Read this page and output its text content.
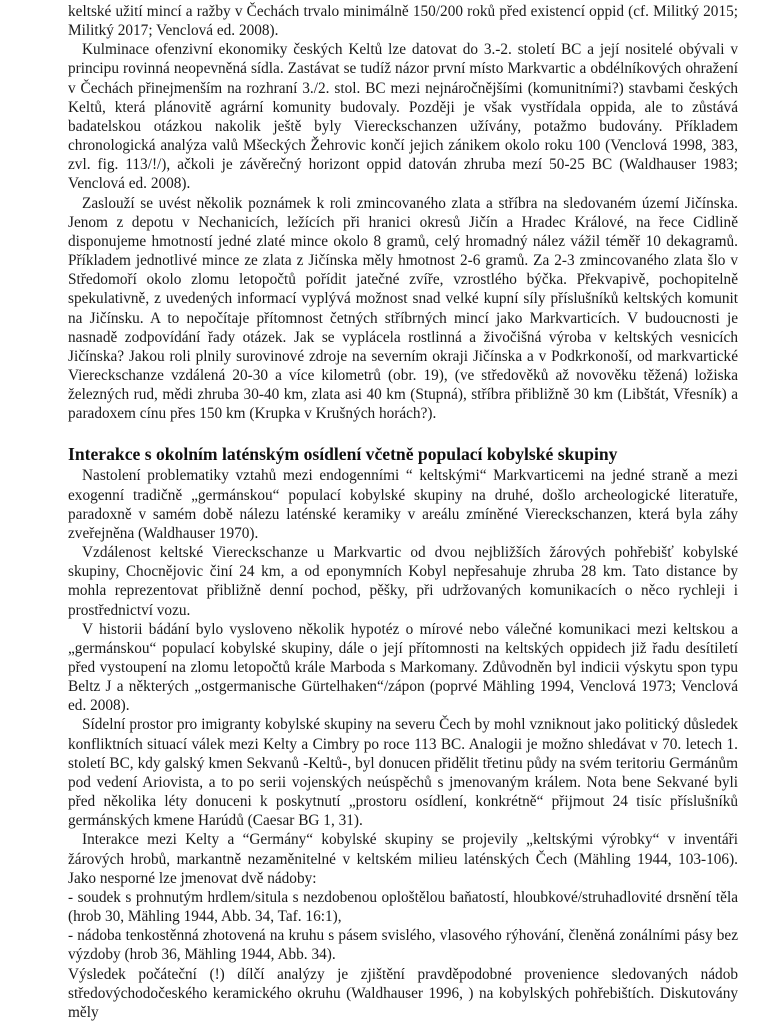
keltské užití mincí a ražby v Čechách trvalo minimálně 150/200 roků před existencí oppid (cf. Militký 2015; Militký 2017; Venclová ed. 2008).

Kulminace ofenzivní ekonomiky českých Keltů lze datovat do 3.-2. století BC a její nositelé obývali v principu rovinná neopevněná sídla. Zastávat se tudíž názor první místo Markvartic a obdélníkových ohražení v Čechách přinejmenším na rozhraní 3./2. stol. BC mezi nejnáročnějšími (komunitními?) stavbami českých Keltů, která plánovitě agrární komunity budovaly. Později je však vystřídala oppida, ale to zůstává badatelskou otázkou nakolik ještě byly Viereckschanzen užívány, potažmo budovány. Příkladem chronologická analýza valů Mšeckých Žehrovic končí jejich zánikem okolo roku 100 (Venclová 1998, 383, zvl. fig. 113/!/), ačkoli je závěrečný horizont oppid datován zhruba mezí 50-25 BC (Waldhauser 1983; Venclová ed. 2008).

Zaslouží se uvést několik poznámek k roli zmincovaného zlata a stříbra na sledovaném území Jičínska. Jenom z depotu v Nechanicích, ležících při hranici okresů Jičín a Hradec Králové, na řece Cidlině disponujeme hmotností jedné zlaté mince okolo 8 gramů, celý hromadný nález vážil téměř 10 dekagramů. Příkladem jednotlivé mince ze zlata z Jičínska měly hmotnost 2-6 gramů. Za 2-3 zmincovaného zlata šlo v Středomoří okolo zlomu letopočtů pořídit jatečné zvíře, vzrostlého býčka. Překvapivě, pochopitelně spekulativně, z uvedených informací vyplývá možnost snad velké kupní síly příslušníků keltských komunit na Jičínsku. A to nepočítaje přítomnost četných stříbrných mincí jako Markvarticích. V budoucnosti je nasnadě zodpovídání řady otázek. Jak se vyplácela rostlinná a živočišná výroba v keltských vesnicích Jičínska? Jakou roli plnily surovinové zdroje na severním okraji Jičínska a v Podkrkonoší, od markvartické Viereckschanze vzdálená 20-30 a více kilometrů (obr. 19), (ve středověků až novověku těžená) ložiska železných rud, mědi zhruba 30-40 km, zlata asi 40 km (Stupná), stříbra přibližně 30 km (Libštát, Vřesník) a paradoxem cínu přes 150 km (Krupka v Krušných horách?).

Interakce s okolním laténským osídlení včetně populací kobylské skupiny

Nastolení problematiky vztahů mezi endogenními “ keltskými“ Markvarticemi na jedné straně a mezi exogenní tradičně „germánskou“ populací kobylské skupiny na druhé, došlo archeologické literatuře, paradoxně v samém době nálezu laténské keramiky v areálu zmíněné Viereckschanzen, která byla záhy zveřejněna (Waldhauser 1970).

Vzdálenost keltské Viereckschanze u Markvartic od dvou nejbližších žárových pohřebišť kobylské skupiny, Chocnějovic činí 24 km, a od eponymních Kobyl nepřesahuje zhruba 28 km. Tato distance by mohla reprezentovat přibližně denní pochod, pěšky, při udržovaných komunikacích o něco rychleji i prostřednictví vozu.

V historii bádání bylo vysloveno několik hypotéz o mírové nebo válečné komunikaci mezi keltskou a „germánskou“ populací kobylské skupiny, dále o její přítomnosti na keltských oppidech již řadu desítiletí před vystoupení na zlomu letopočtů krále Marboda s Markomany. Zdůvodněn byl indicii výskytu spon typu Beltz J a některých „ostgermanische Gürtelhaken“/zápon (poprvé Mähling 1994, Venclová 1973; Venclová ed. 2008).

Sídelní prostor pro imigranty kobylské skupiny na severu Čech by mohl vzniknout jako politický důsledek konfliktních situací válek mezi Kelty a Cimbry po roce 113 BC. Analogii je možno shledávat v 70. letech 1. století BC, kdy galský kmen Sekvanů -Keltů-, byl donucen přidělit třetinu půdy na svém teritoriu Germánům pod vedení Ariovista, a to po serii vojenských neúspěchů s jmenovaným králem. Nota bene Sekvané byli před několika léty donuceni k poskytnutí „prostoru osídlení, konkrétně“ přijmout 24 tisíc příslušníků germánských kmene Harúdů (Caesar BG 1, 31).

Interakce mezi Kelty a “Germány“ kobylské skupiny se projevily „keltskými výrobky“ v inventáři žárových hrobů, markantně nezaměnitelné v keltském milieu laténských Čech (Mähling 1944, 103-106). Jako nesporné lze jmenovat dvě nádoby:

- soudek s prohnutým hrdlem/situla s nezdobenou oploštělou baňatostí, hloubkové/struhadlovité drsnění těla (hrob 30, Mähling 1944, Abb. 34, Taf. 16:1),

- nádoba tenkostěnná zhotovená na kruhu s pásem svislého, vlasového rýhování, členěná zonálními pásy bez výzdoby (hrob 36, Mähling 1944, Abb. 34).

Výsledek počáteční (!) dílčí analýzy je zjištění pravděpodobné provenience sledovaných nádob středovýchodočeského keramického okruhu (Waldhauser 1996, ) na kobylských pohřebištích. Diskutovány měly
